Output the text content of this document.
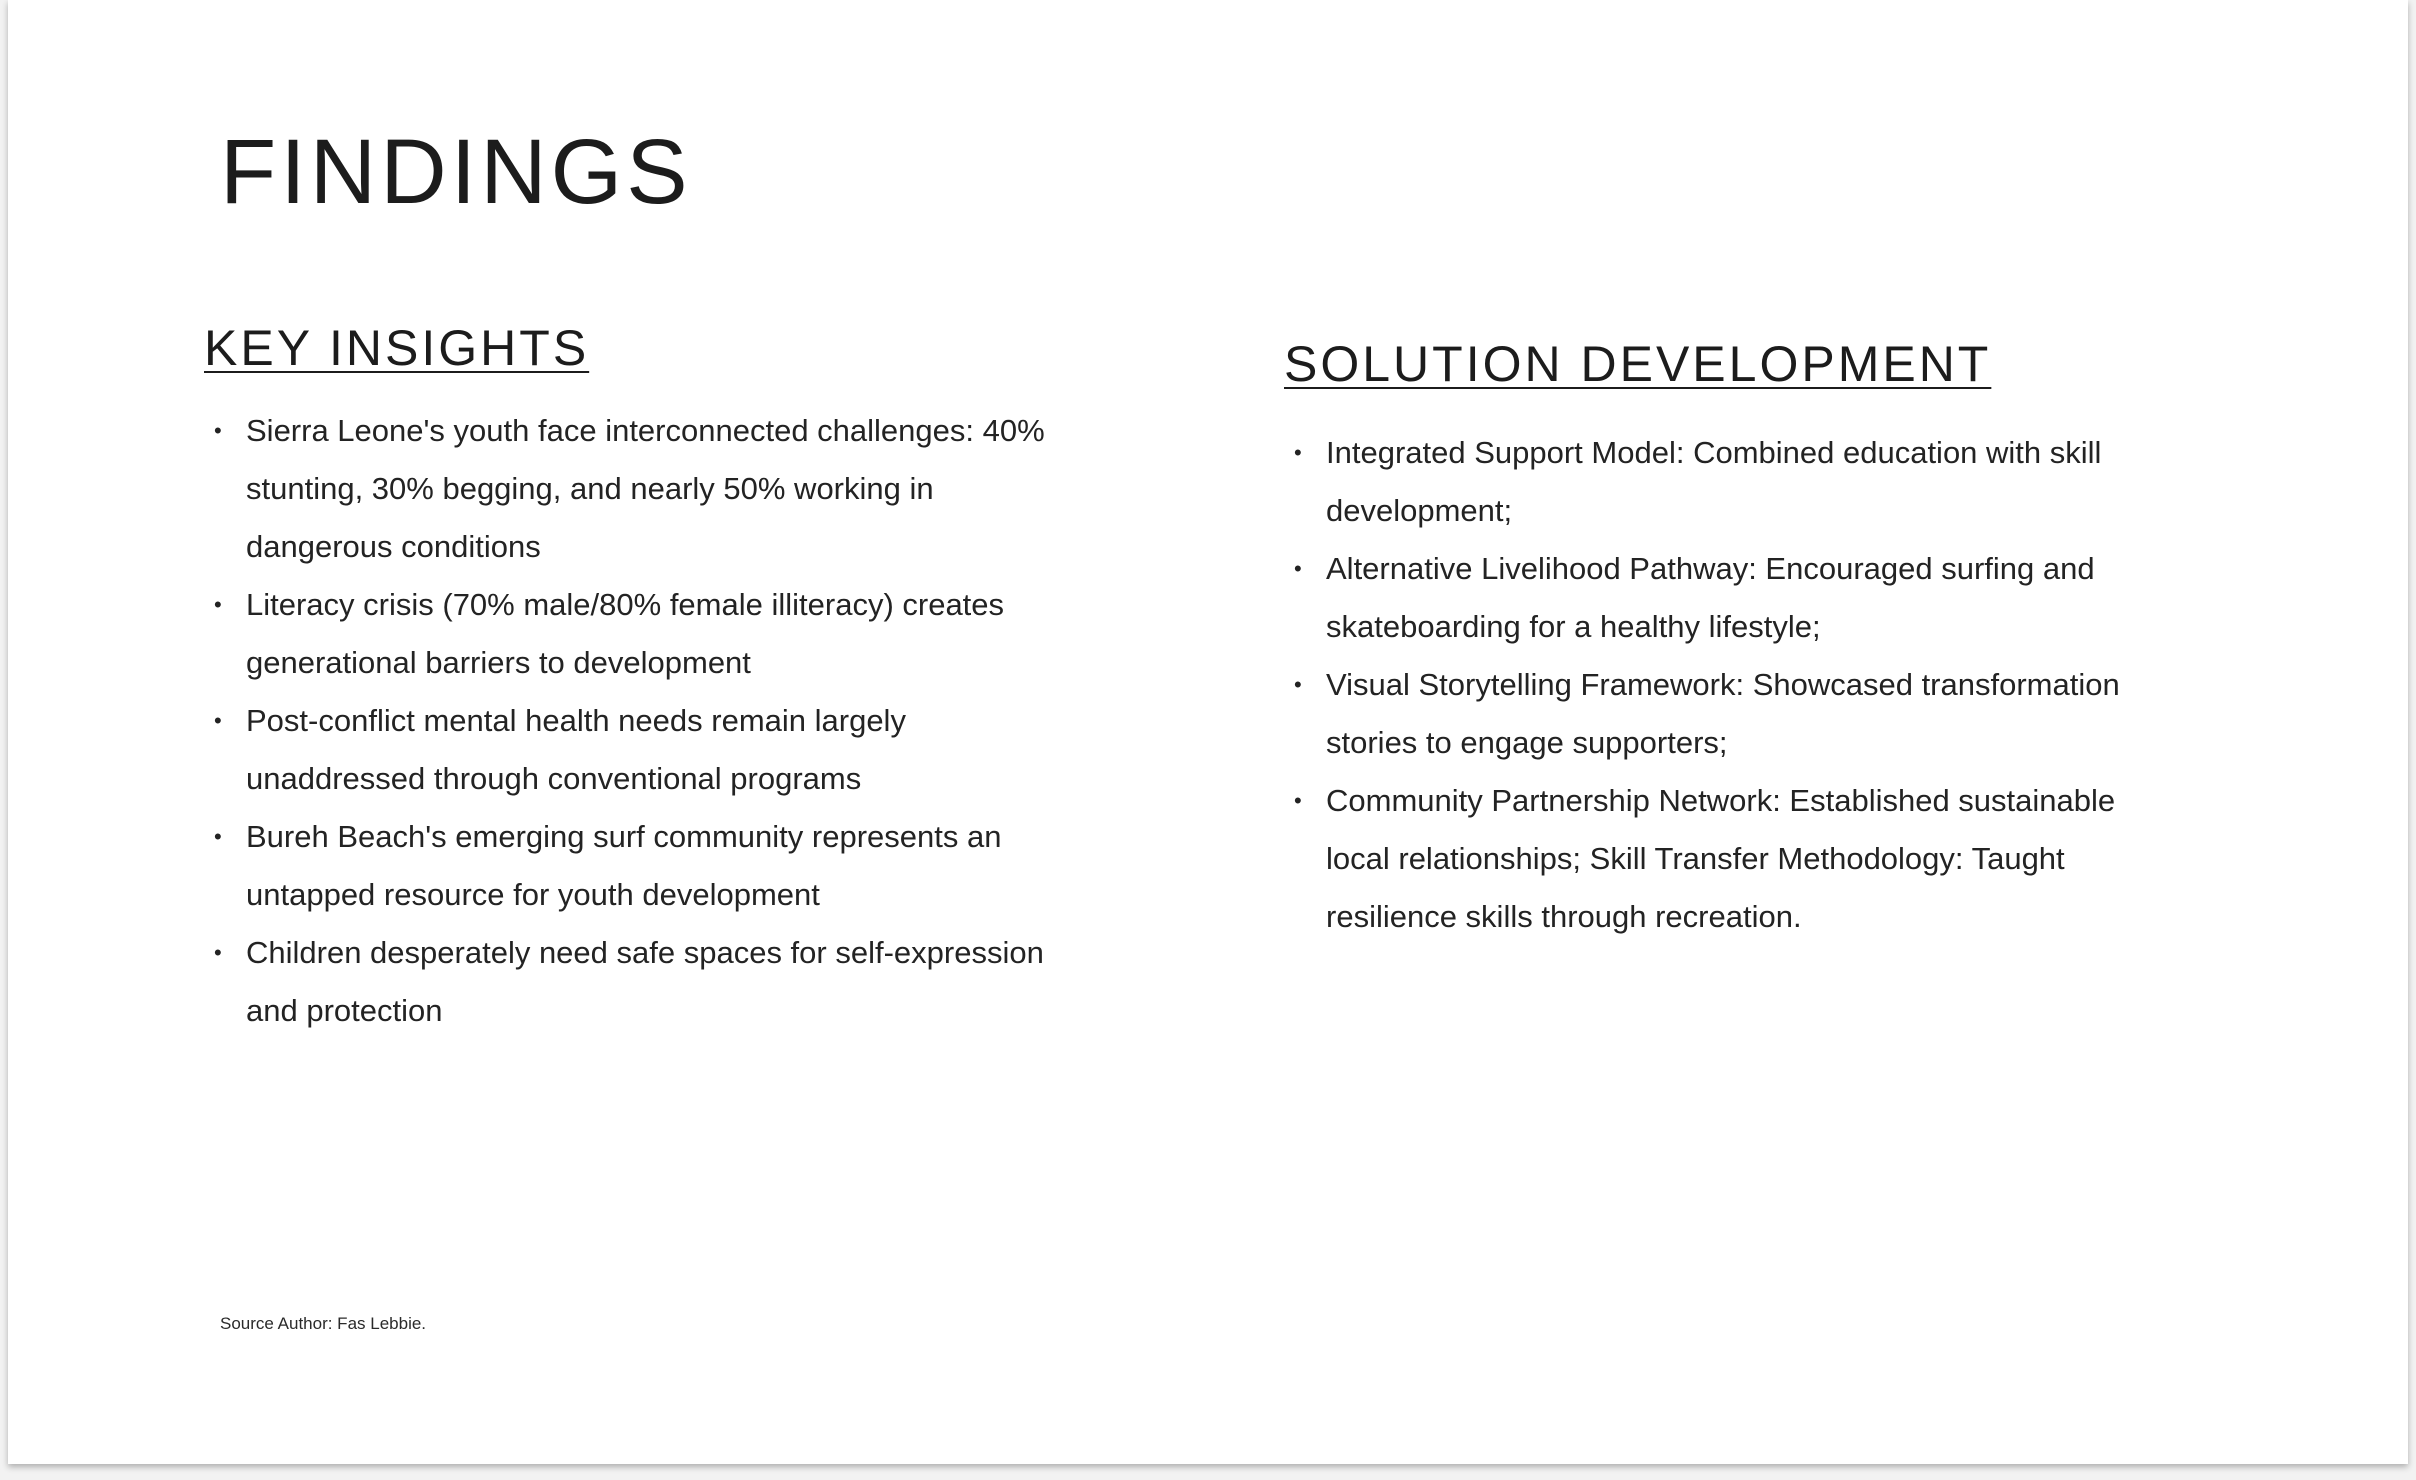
FINDINGS
KEY INSIGHTS
• Sierra Leone's youth face interconnected challenges: 40% stunting, 30% begging, and nearly 50% working in dangerous conditions
• Literacy crisis (70% male/80% female illiteracy) creates generational barriers to development
• Post-conflict mental health needs remain largely unaddressed through conventional programs
• Bureh Beach's emerging surf community represents an untapped resource for youth development
• Children desperately need safe spaces for self-expression and protection
SOLUTION DEVELOPMENT
• Integrated Support Model: Combined education with skill development;
• Alternative Livelihood Pathway: Encouraged surfing and skateboarding for a healthy lifestyle;
• Visual Storytelling Framework: Showcased transformation stories to engage supporters;
• Community Partnership Network: Established sustainable local relationships; Skill Transfer Methodology: Taught resilience skills through recreation.

Source Author: Fas Lebbie.
